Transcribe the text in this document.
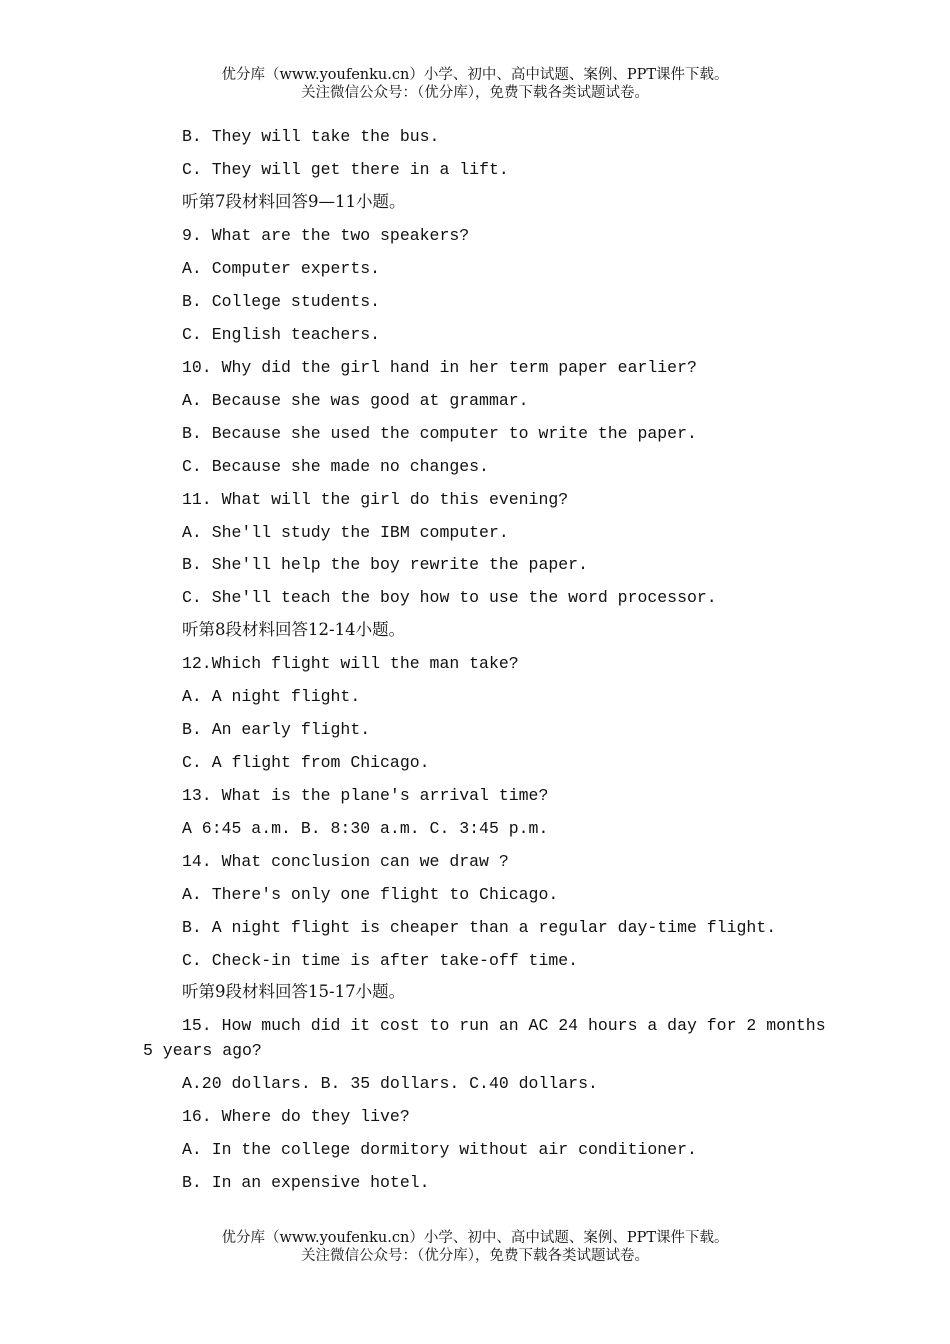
优分库（www.youfenku.cn）小学、初中、高中试题、案例、PPT课件下载。
关注微信公众号：（优分库），免费下载各类试题试卷。
B. They will take the bus.
C. They will get there in a lift.
听第7段材料回答9—11小题。
9. What are the two speakers?
A. Computer experts.
B. College students.
C. English teachers.
10. Why did the girl hand in her term paper earlier?
A. Because she was good at grammar.
B. Because she used the computer to write the paper.
C. Because she made no changes.
11. What will the girl do this evening?
A. She'll study the IBM computer.
B. She'll help the boy rewrite the paper.
C. She'll teach the boy how to use the word processor.
听第8段材料回答12-14小题。
12.Which flight will the man take?
A. A night flight.
B. An early flight.
C. A flight from Chicago.
13. What is the plane's arrival time?
A 6:45 a.m. B. 8:30 a.m. C. 3:45 p.m.
14. What conclusion can we draw ?
A. There's only one flight to Chicago.
B. A night flight is cheaper than a regular day-time flight.
C. Check-in time is after take-off time.
听第9段材料回答15-17小题。
15. How much did it cost to run an AC 24 hours a day for 2 months
5 years ago?
A.20 dollars. B. 35 dollars. C.40 dollars.
16. Where do they live?
A. In the college dormitory without air conditioner.
B. In an expensive hotel.
优分库（www.youfenku.cn）小学、初中、高中试题、案例、PPT课件下载。
关注微信公众号：（优分库），免费下载各类试题试卷。
